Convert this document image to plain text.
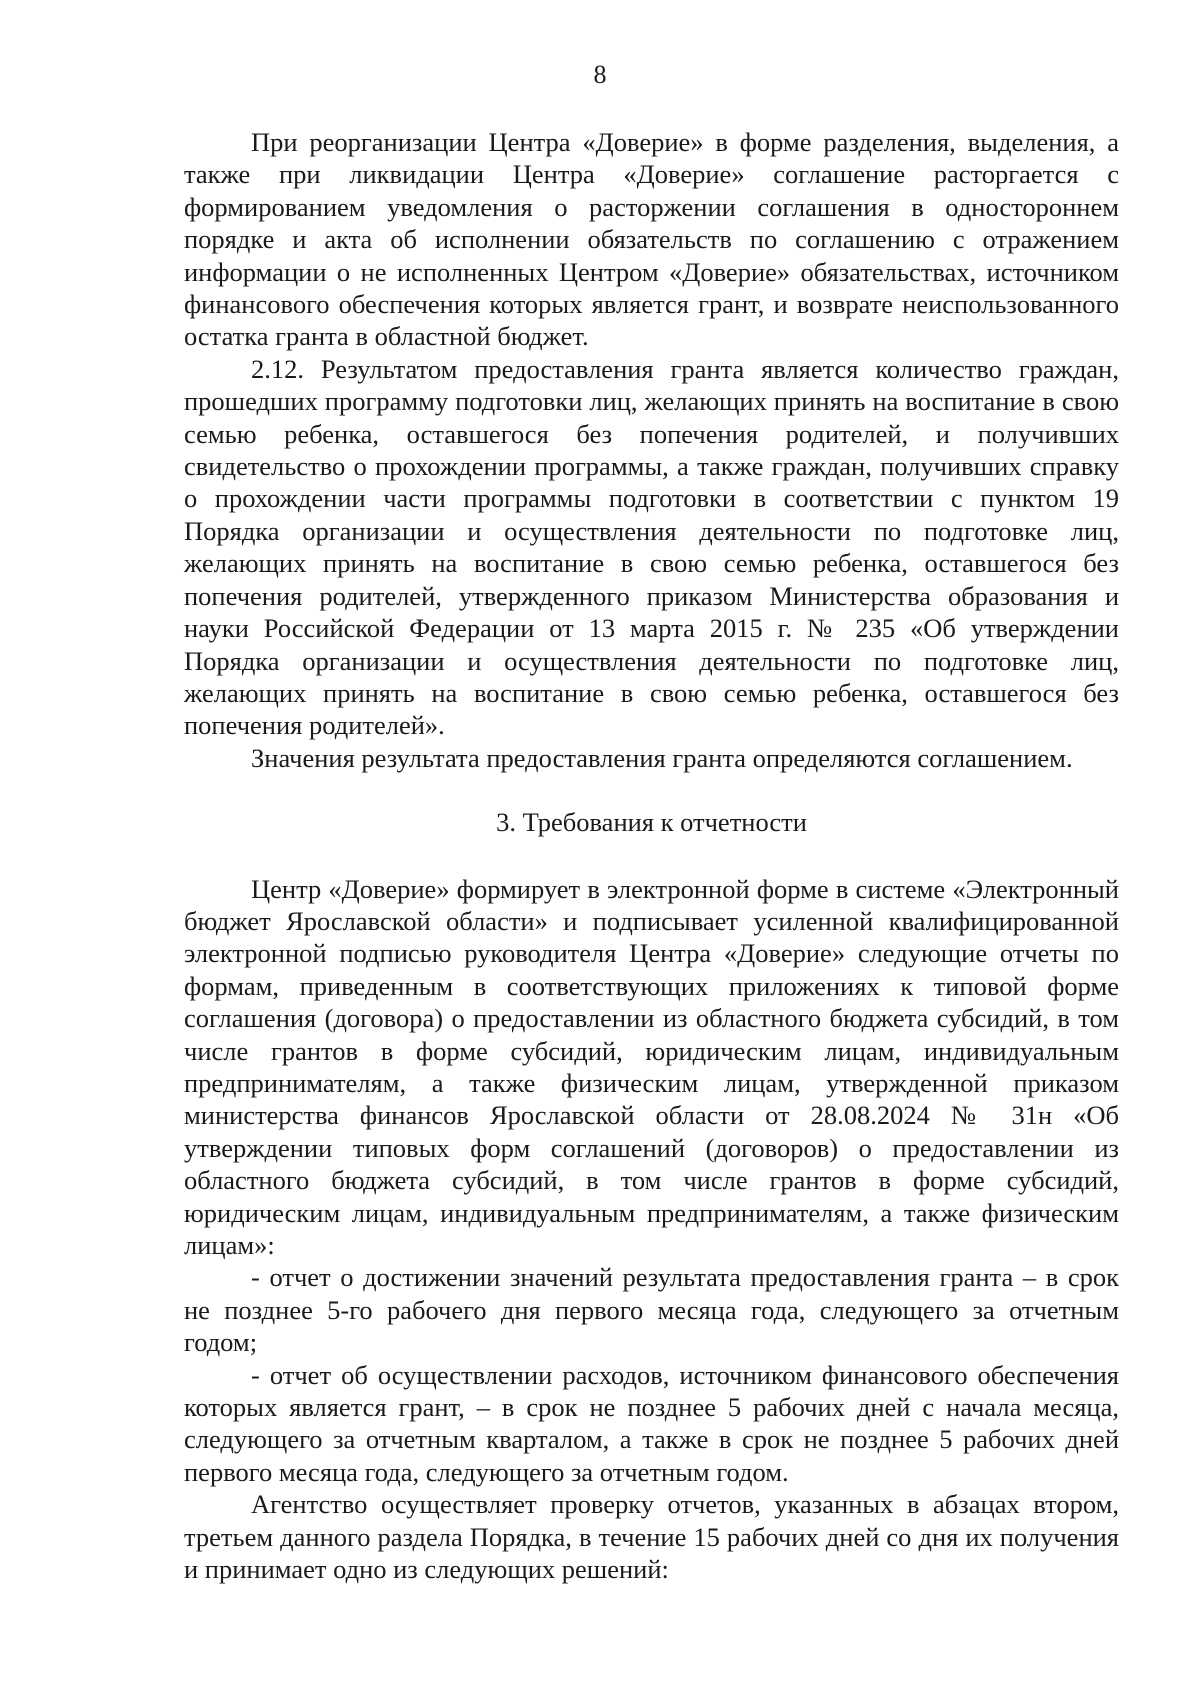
8

При реорганизации Центра «Доверие» в форме разделения, выделения, а также при ликвидации Центра «Доверие» соглашение расторгается с формированием уведомления о расторжении соглашения в одностороннем порядке и акта об исполнении обязательств по соглашению с отражением информации о не исполненных Центром «Доверие» обязательствах, источником финансового обеспечения которых является грант, и возврате неиспользованного остатка гранта в областной бюджет.

2.12. Результатом предоставления гранта является количество граждан, прошедших программу подготовки лиц, желающих принять на воспитание в свою семью ребенка, оставшегося без попечения родителей, и получивших свидетельство о прохождении программы, а также граждан, получивших справку о прохождении части программы подготовки в соответствии с пунктом 19 Порядка организации и осуществления деятельности по подготовке лиц, желающих принять на воспитание в свою семью ребенка, оставшегося без попечения родителей, утвержденного приказом Министерства образования и науки Российской Федерации от 13 марта 2015 г. № 235 «Об утверждении Порядка организации и осуществления деятельности по подготовке лиц, желающих принять на воспитание в свою семью ребенка, оставшегося без попечения родителей».

Значения результата предоставления гранта определяются соглашением.

3. Требования к отчетности

Центр «Доверие» формирует в электронной форме в системе «Электронный бюджет Ярославской области» и подписывает усиленной квалифицированной электронной подписью руководителя Центра «Доверие» следующие отчеты по формам, приведенным в соответствующих приложениях к типовой форме соглашения (договора) о предоставлении из областного бюджета субсидий, в том числе грантов в форме субсидий, юридическим лицам, индивидуальным предпринимателям, а также физическим лицам, утвержденной приказом министерства финансов Ярославской области от 28.08.2024 № 31н «Об утверждении типовых форм соглашений (договоров) о предоставлении из областного бюджета субсидий, в том числе грантов в форме субсидий, юридическим лицам, индивидуальным предпринимателям, а также физическим лицам»:

- отчет о достижении значений результата предоставления гранта – в срок не позднее 5-го рабочего дня первого месяца года, следующего за отчетным годом;

- отчет об осуществлении расходов, источником финансового обеспечения которых является грант, – в срок не позднее 5 рабочих дней с начала месяца, следующего за отчетным кварталом, а также в срок не позднее 5 рабочих дней первого месяца года, следующего за отчетным годом.

Агентство осуществляет проверку отчетов, указанных в абзацах втором, третьем данного раздела Порядка, в течение 15 рабочих дней со дня их получения и принимает одно из следующих решений:
